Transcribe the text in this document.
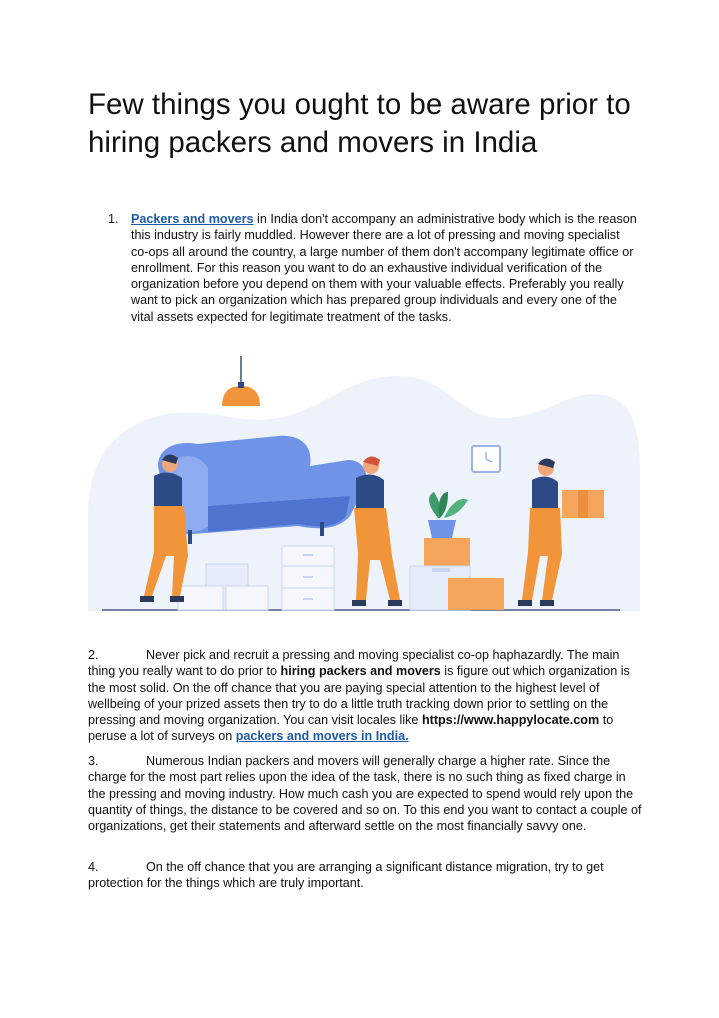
Few things you ought to be aware prior to hiring packers and movers in India
1. Packers and movers in India don't accompany an administrative body which is the reason this industry is fairly muddled. However there are a lot of pressing and moving specialist co-ops all around the country, a large number of them don't accompany legitimate office or enrollment. For this reason you want to do an exhaustive individual verification of the organization before you depend on them with your valuable effects. Preferably you really want to pick an organization which has prepared group individuals and every one of the vital assets expected for legitimate treatment of the tasks.
2.	Never pick and recruit a pressing and moving specialist co-op haphazardly. The main thing you really want to do prior to hiring packers and movers is figure out which organization is the most solid. On the off chance that you are paying special attention to the highest level of wellbeing of your prized assets then try to do a little truth tracking down prior to settling on the pressing and moving organization. You can visit locales like https://www.happylocate.com to peruse a lot of surveys on packers and movers in India.
3.	Numerous Indian packers and movers will generally charge a higher rate. Since the charge for the most part relies upon the idea of the task, there is no such thing as fixed charge in the pressing and moving industry. How much cash you are expected to spend would rely upon the quantity of things, the distance to be covered and so on. To this end you want to contact a couple of organizations, get their statements and afterward settle on the most financially savvy one.
4.	On the off chance that you are arranging a significant distance migration, try to get protection for the things which are truly important.
